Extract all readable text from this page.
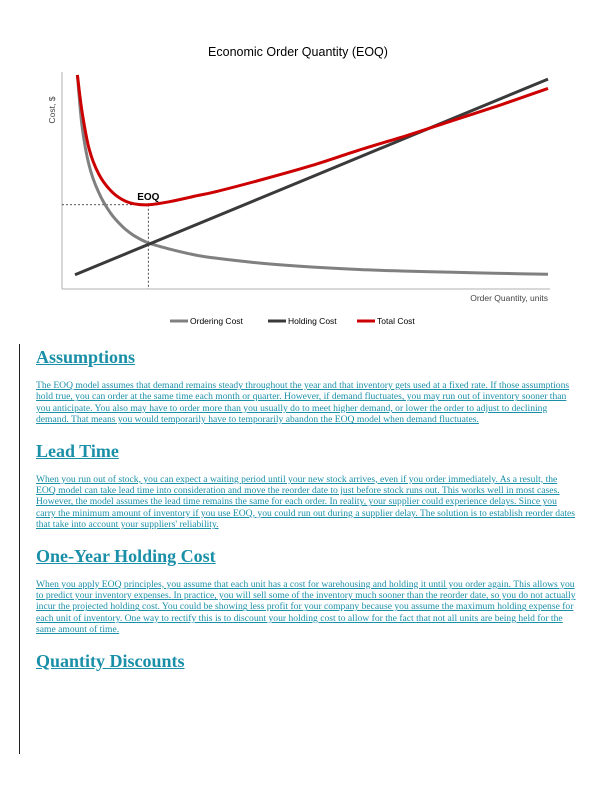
Economic Order Quantity (EOQ)
Cost, $
Order Quantity, units
EOQ
Ordering Cost	Holding Cost	Total Cost
Assumptions

The EOQ model assumes that demand remains steady throughout the year and that inventory gets used at a fixed rate. If those assumptions hold true, you can order at the same time each month or quarter. However, if demand fluctuates, you may run out of inventory sooner than you anticipate. You also may have to order more than you usually do to meet higher demand, or lower the order to adjust to declining demand. That means you would temporarily have to temporarily abandon the EOQ model when demand fluctuates.

Lead Time

When you run out of stock, you can expect a waiting period until your new stock arrives, even if you order immediately. As a result, the EOQ model can take lead time into consideration and move the reorder date to just before stock runs out. This works well in most cases. However, the model assumes the lead time remains the same for each order. In reality, your supplier could experience delays. Since you carry the minimum amount of inventory if you use EOQ, you could run out during a supplier delay. The solution is to establish reorder dates that take into account your suppliers' reliability.

One-Year Holding Cost

When you apply EOQ principles, you assume that each unit has a cost for warehousing and holding it until you order again. This allows you to predict your inventory expenses. In practice, you will sell some of the inventory much sooner than the reorder date, so you do not actually incur the projected holding cost. You could be showing less profit for your company because you assume the maximum holding expense for each unit of inventory. One way to rectify this is to discount your holding cost to allow for the fact that not all units are being held for the same amount of time.

Quantity Discounts
